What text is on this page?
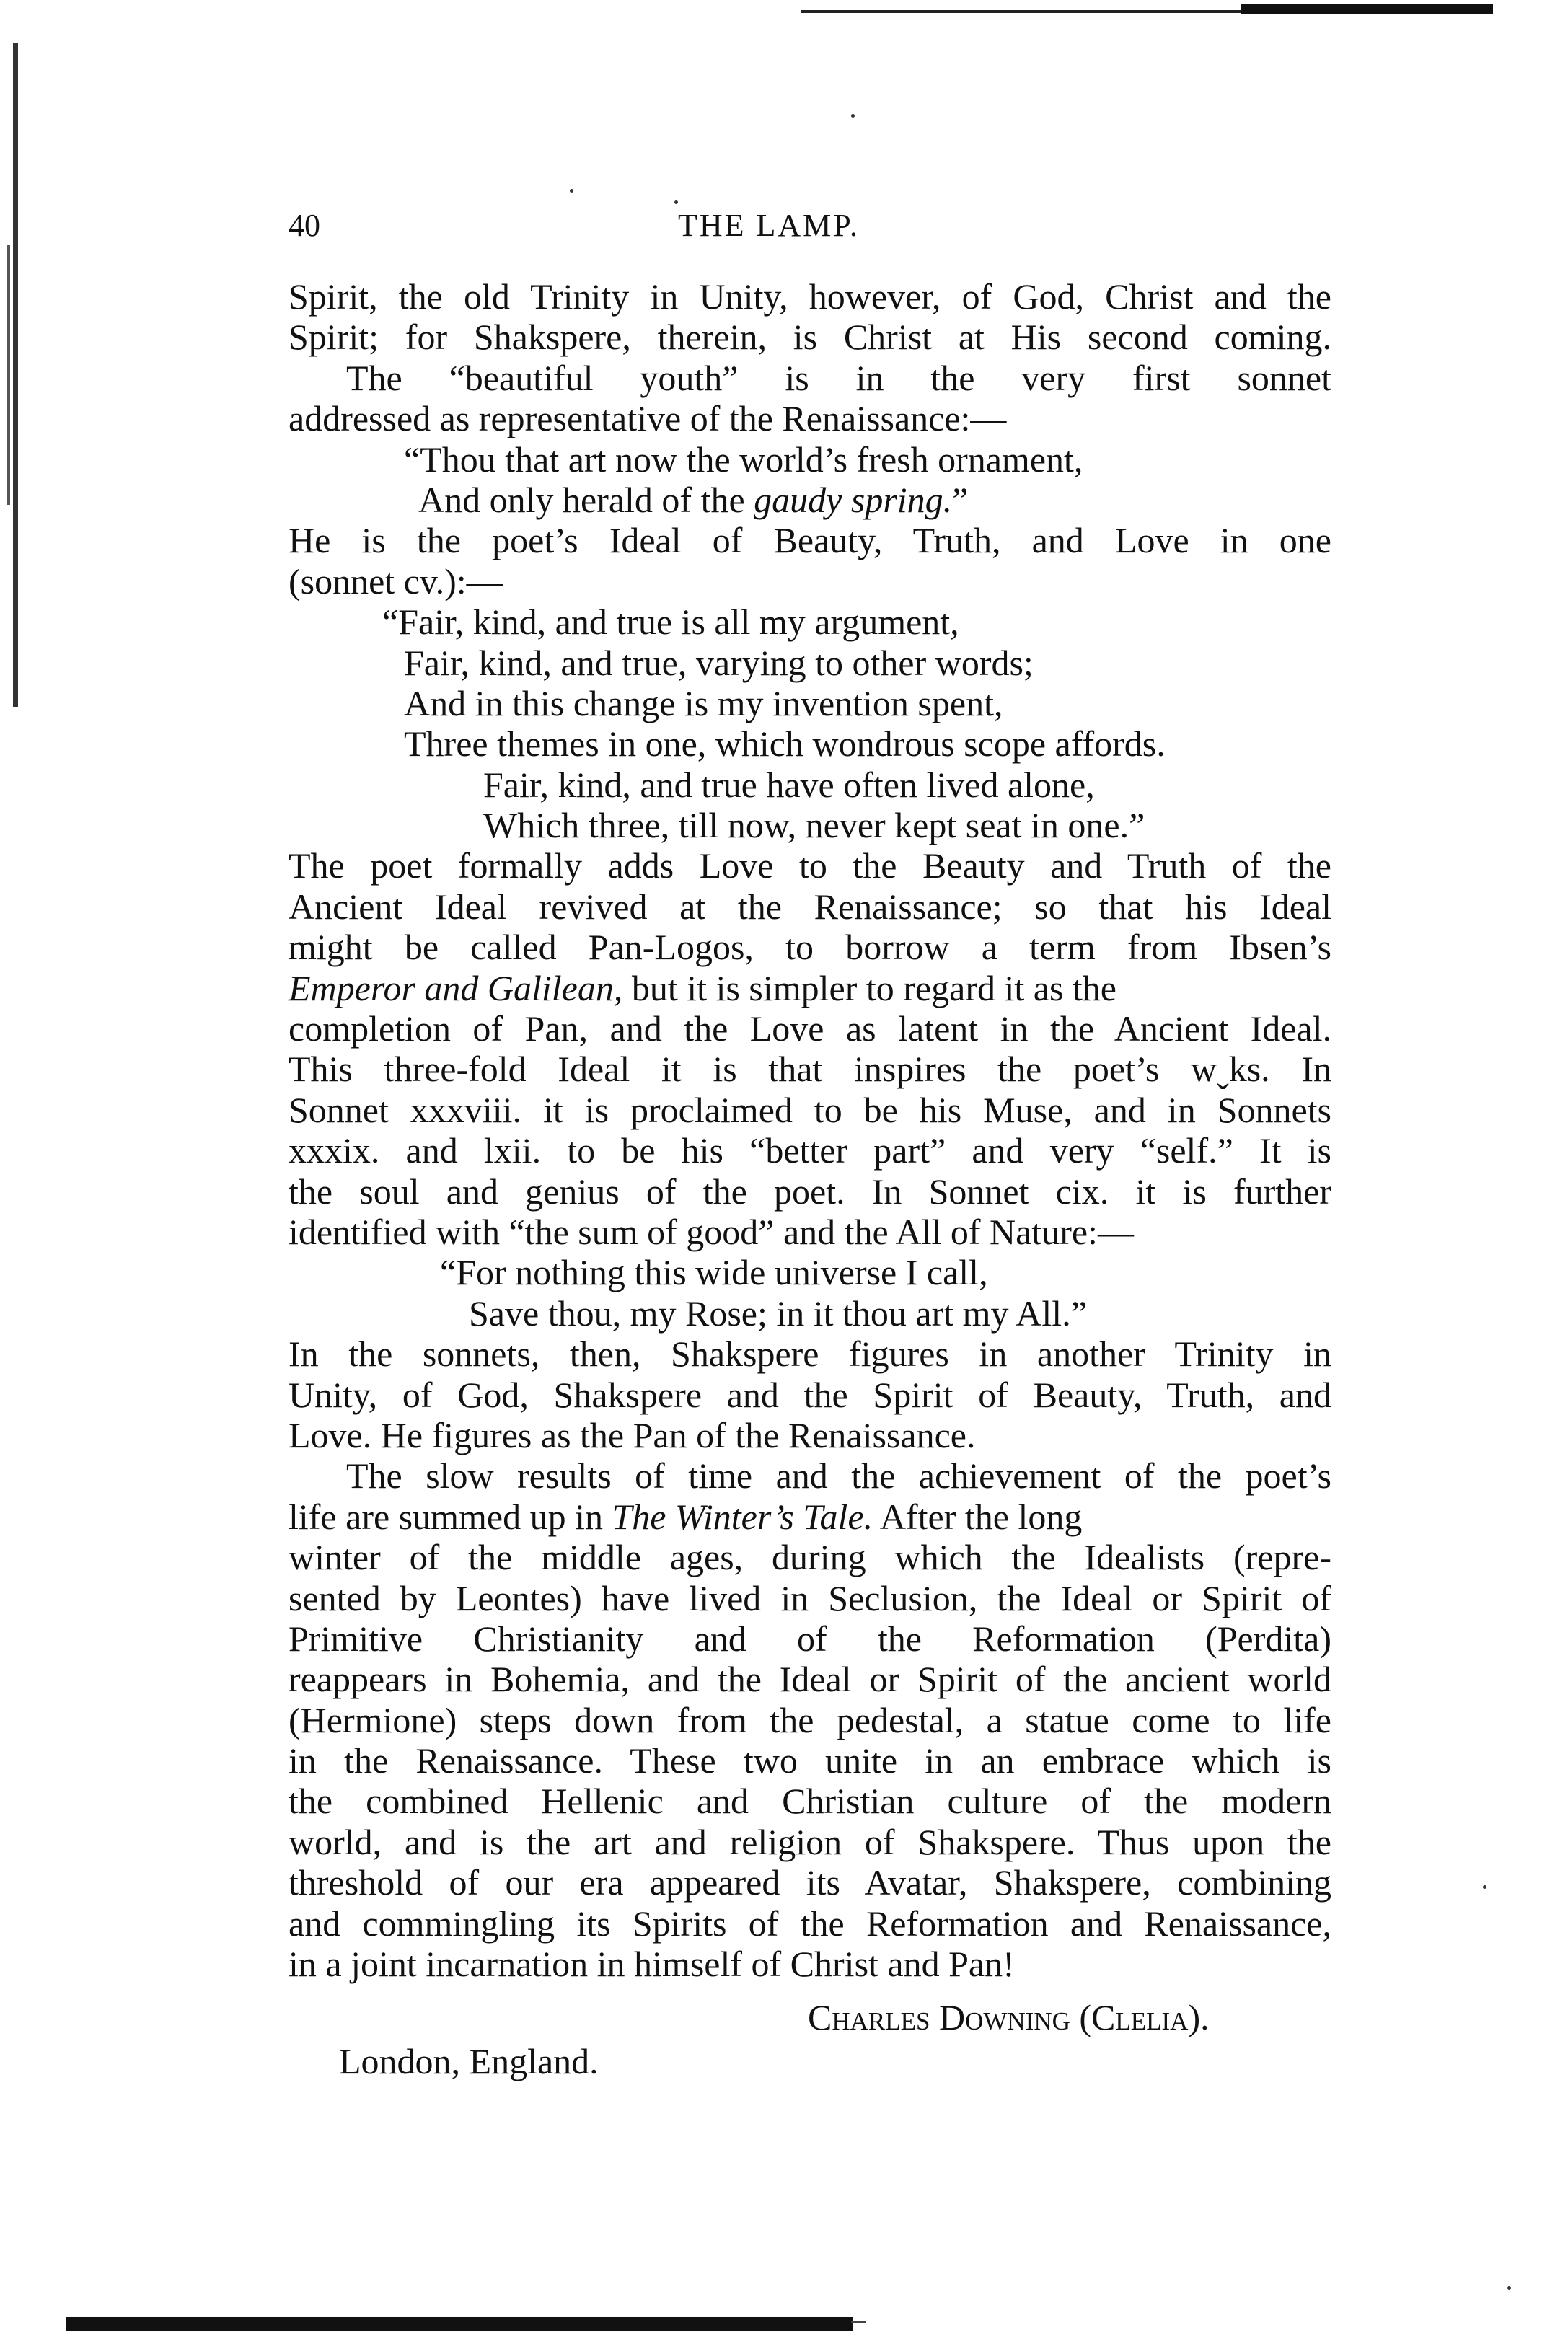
40	THE LAMP.
Spirit, the old Trinity in Unity, however, of God, Christ and the
Spirit; for Shakspere, therein, is Christ at His second coming.
The “beautiful youth” is in the very first sonnet
addressed as representative of the Renaissance:—
“Thou that art now the world’s fresh ornament,
And only herald of the gaudy spring.”
He is the poet’s Ideal of Beauty, Truth, and Love in one
(sonnet cv.):—
“Fair, kind, and true is all my argument,
Fair, kind, and true, varying to other words;
And in this change is my invention spent,
Three themes in one, which wondrous scope affords.
Fair, kind, and true have often lived alone,
Which three, till now, never kept seat in one.”
The poet formally adds Love to the Beauty and Truth of the
Ancient Ideal revived at the Renaissance; so that his Ideal
might be called Pan-Logos, to borrow a term from Ibsen’s
Emperor and Galilean, but it is simpler to regard it as the
completion of Pan, and the Love as latent in the Ancient Ideal.
This three-fold Ideal it is that inspires the poet’s wˬks. In
Sonnet xxxviii. it is proclaimed to be his Muse, and in Sonnets
xxxix. and lxii. to be his “better part” and very “self.” It is
the soul and genius of the poet. In Sonnet cix. it is further
identified with “the sum of good” and the All of Nature:—
“For nothing this wide universe I call,
Save thou, my Rose; in it thou art my All.”
In the sonnets, then, Shakspere figures in another Trinity in
Unity, of God, Shakspere and the Spirit of Beauty, Truth, and
Love. He figures as the Pan of the Renaissance.
The slow results of time and the achievement of the poet’s
life are summed up in The Winter’s Tale. After the long
winter of the middle ages, during which the Idealists (repre-
sented by Leontes) have lived in Seclusion, the Ideal or Spirit of
Primitive Christianity and of the Reformation (Perdita)
reappears in Bohemia, and the Ideal or Spirit of the ancient world
(Hermione) steps down from the pedestal, a statue come to life
in the Renaissance. These two unite in an embrace which is
the combined Hellenic and Christian culture of the modern
world, and is the art and religion of Shakspere. Thus upon the
threshold of our era appeared its Avatar, Shakspere, combining
and commingling its Spirits of the Reformation and Renaissance,
in a joint incarnation in himself of Christ and Pan!
Charles Downing (Clelia).
London, England.
